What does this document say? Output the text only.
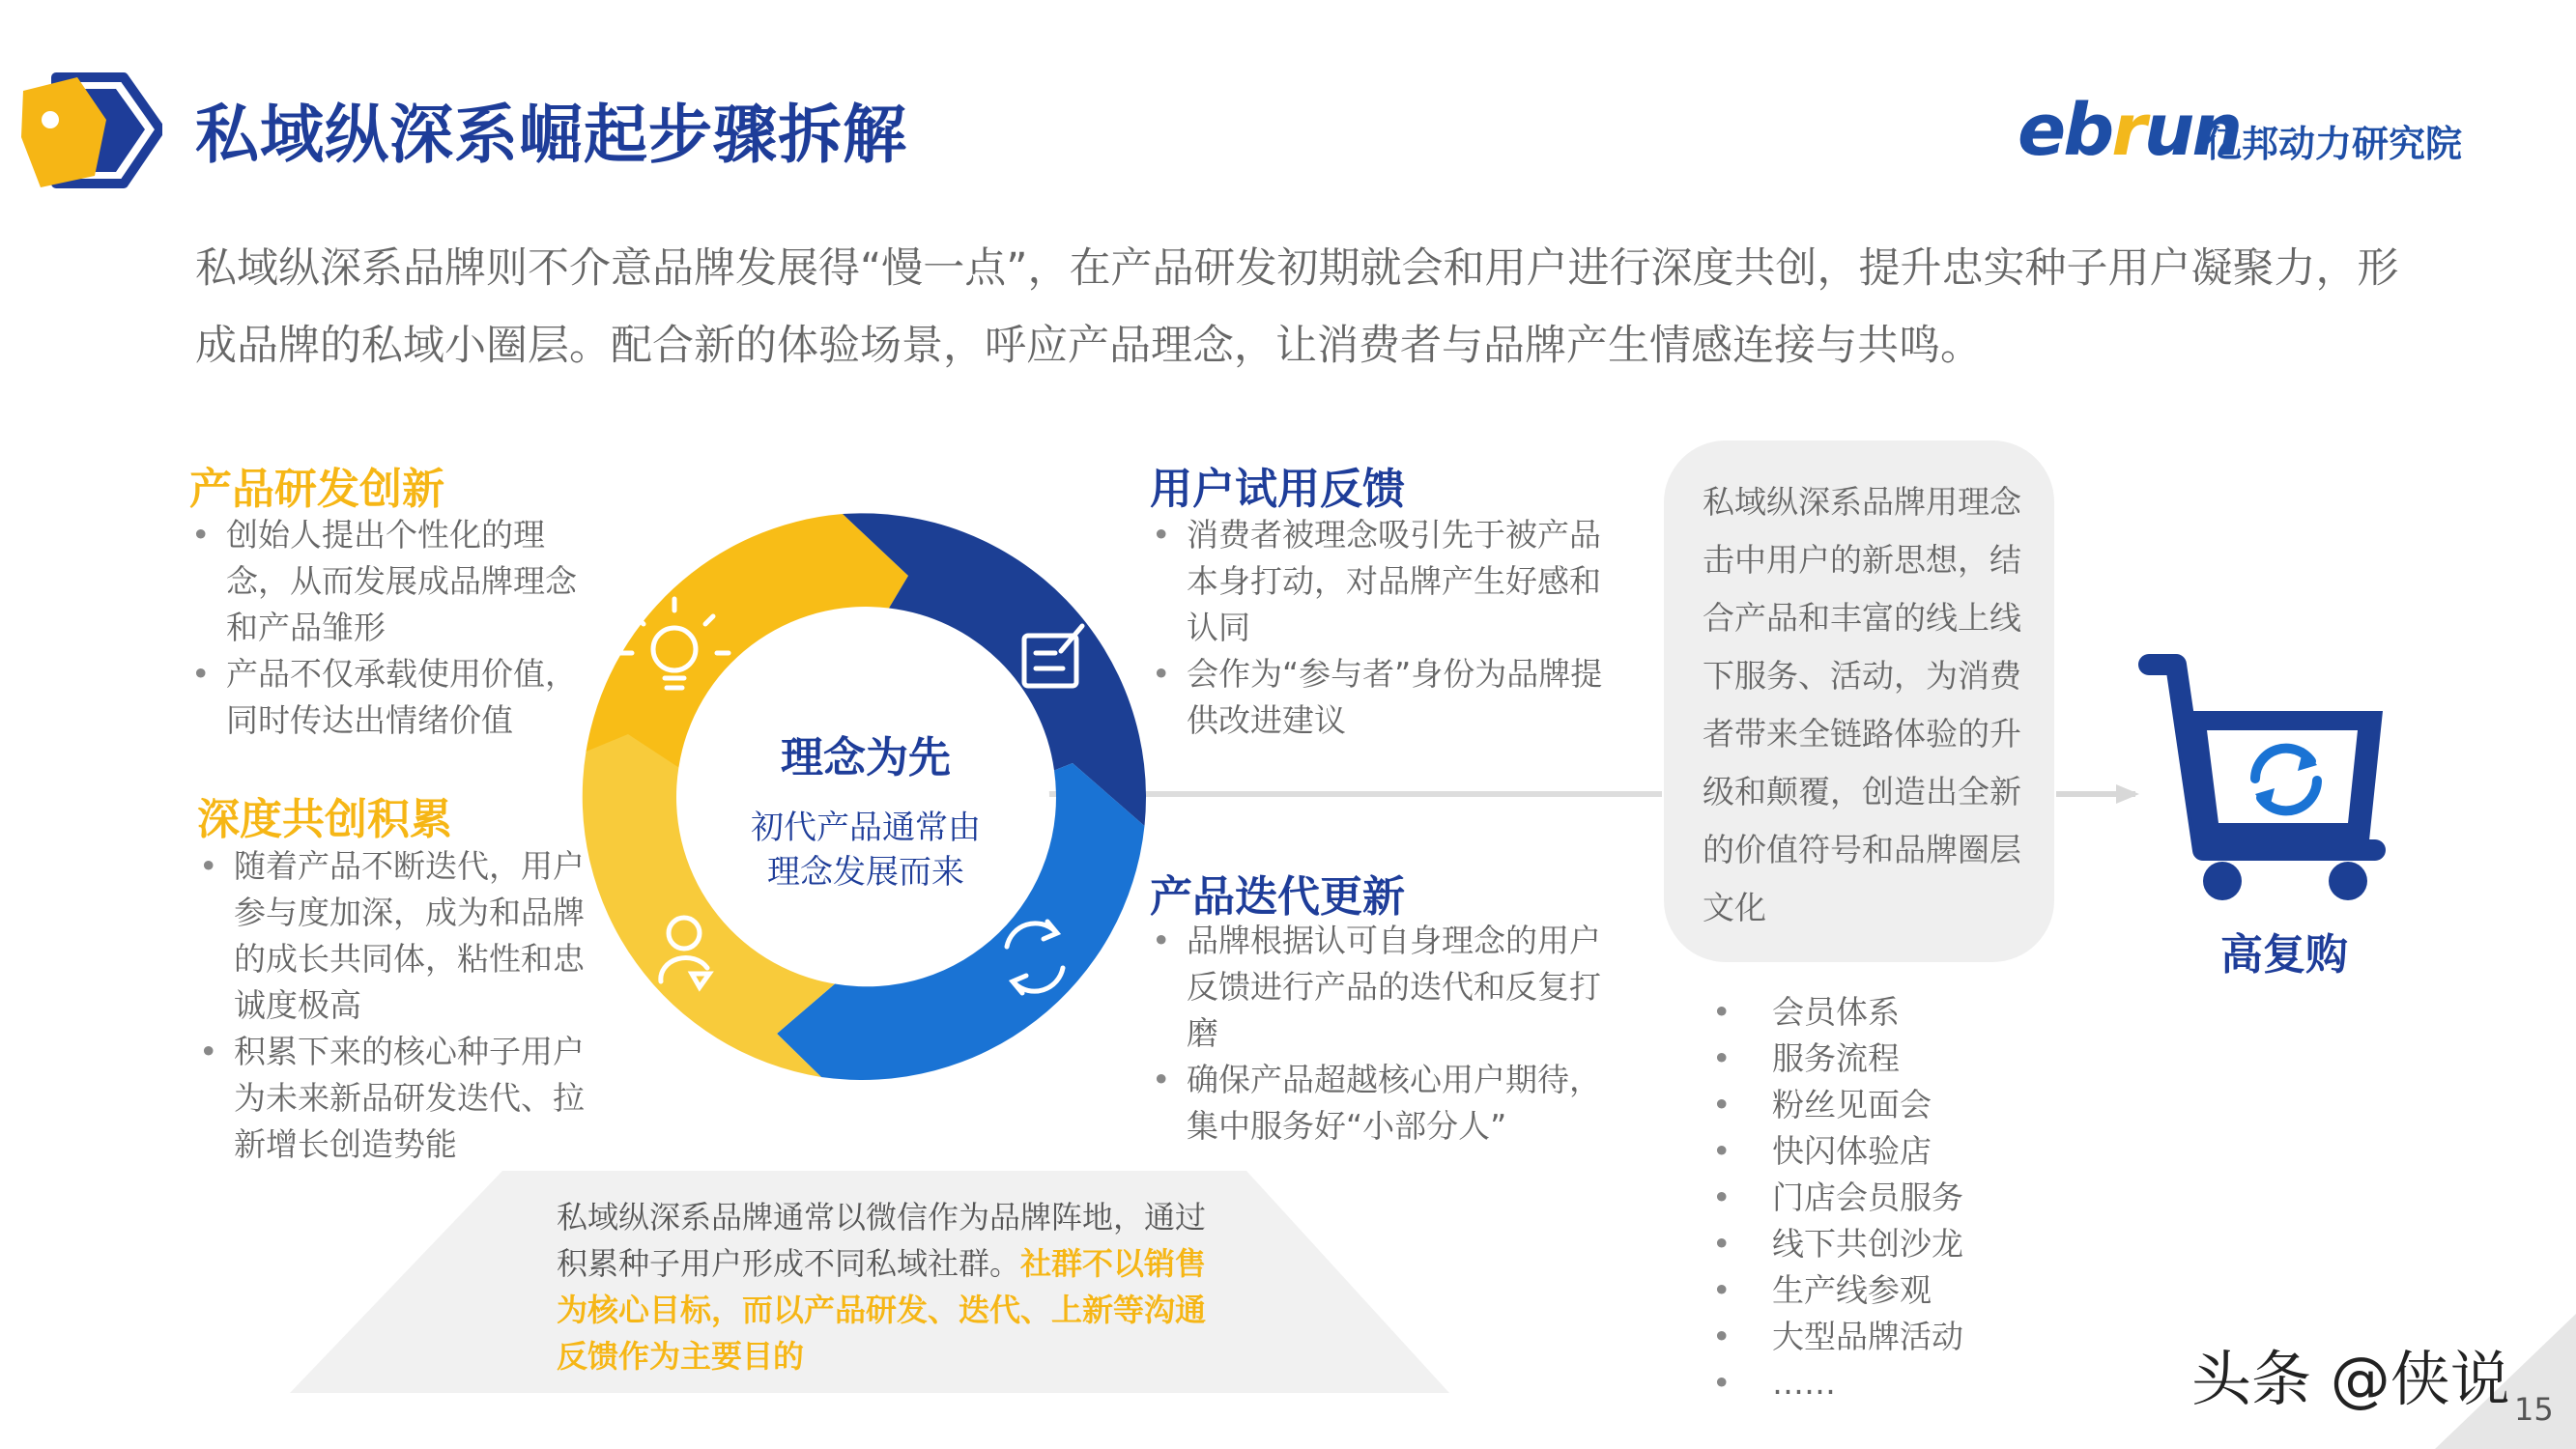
私域纵深系崛起步骤拆解	ebrun
亿邦动力研究院
私域纵深系品牌则不介意品牌发展得“慢一点”，在产品研发初期就会和用户进行深度共创，提升忠实种子用户凝聚力，形成品牌的私域小圈层。配合新的体验场景，呼应产品理念，让消费者与品牌产生情感连接与共鸣。
理念为先
初代产品通常由理念发展而来
产品研发创新
• 创始人提出个性化的理念，从而发展成品牌理念和产品雏形
• 产品不仅承载使用价值，同时传达出情绪价值
深度共创积累
• 随着产品不断迭代，用户参与度加深，成为和品牌的成长共同体，粘性和忠诚度极高
• 积累下来的核心种子用户为未来新品研发迭代、拉新增长创造势能
用户试用反馈
• 消费者被理念吸引先于被产品本身打动，对品牌产生好感和认同
• 会作为“参与者”身份为品牌提供改进建议
产品迭代更新
• 品牌根据认可自身理念的用户反馈进行产品的迭代和反复打磨
• 确保产品超越核心用户期待，集中服务好“小部分人”
私域纵深系品牌用理念击中用户的新思想，结合产品和丰富的线上线下服务、活动，为消费者带来全链路体验的升级和颠覆，创造出全新的价值符号和品牌圈层文化
高复购
• 会员体系
• 服务流程
• 粉丝见面会
• 快闪体验店
• 门店会员服务
• 线下共创沙龙
• 生产线参观
• 大型品牌活动
• ……
私域纵深系品牌通常以微信作为品牌阵地，通过积累种子用户形成不同私域社群。社群不以销售为核心目标，而以产品研发、迭代、上新等沟通反馈作为主要目的	头条 @侠说 15
